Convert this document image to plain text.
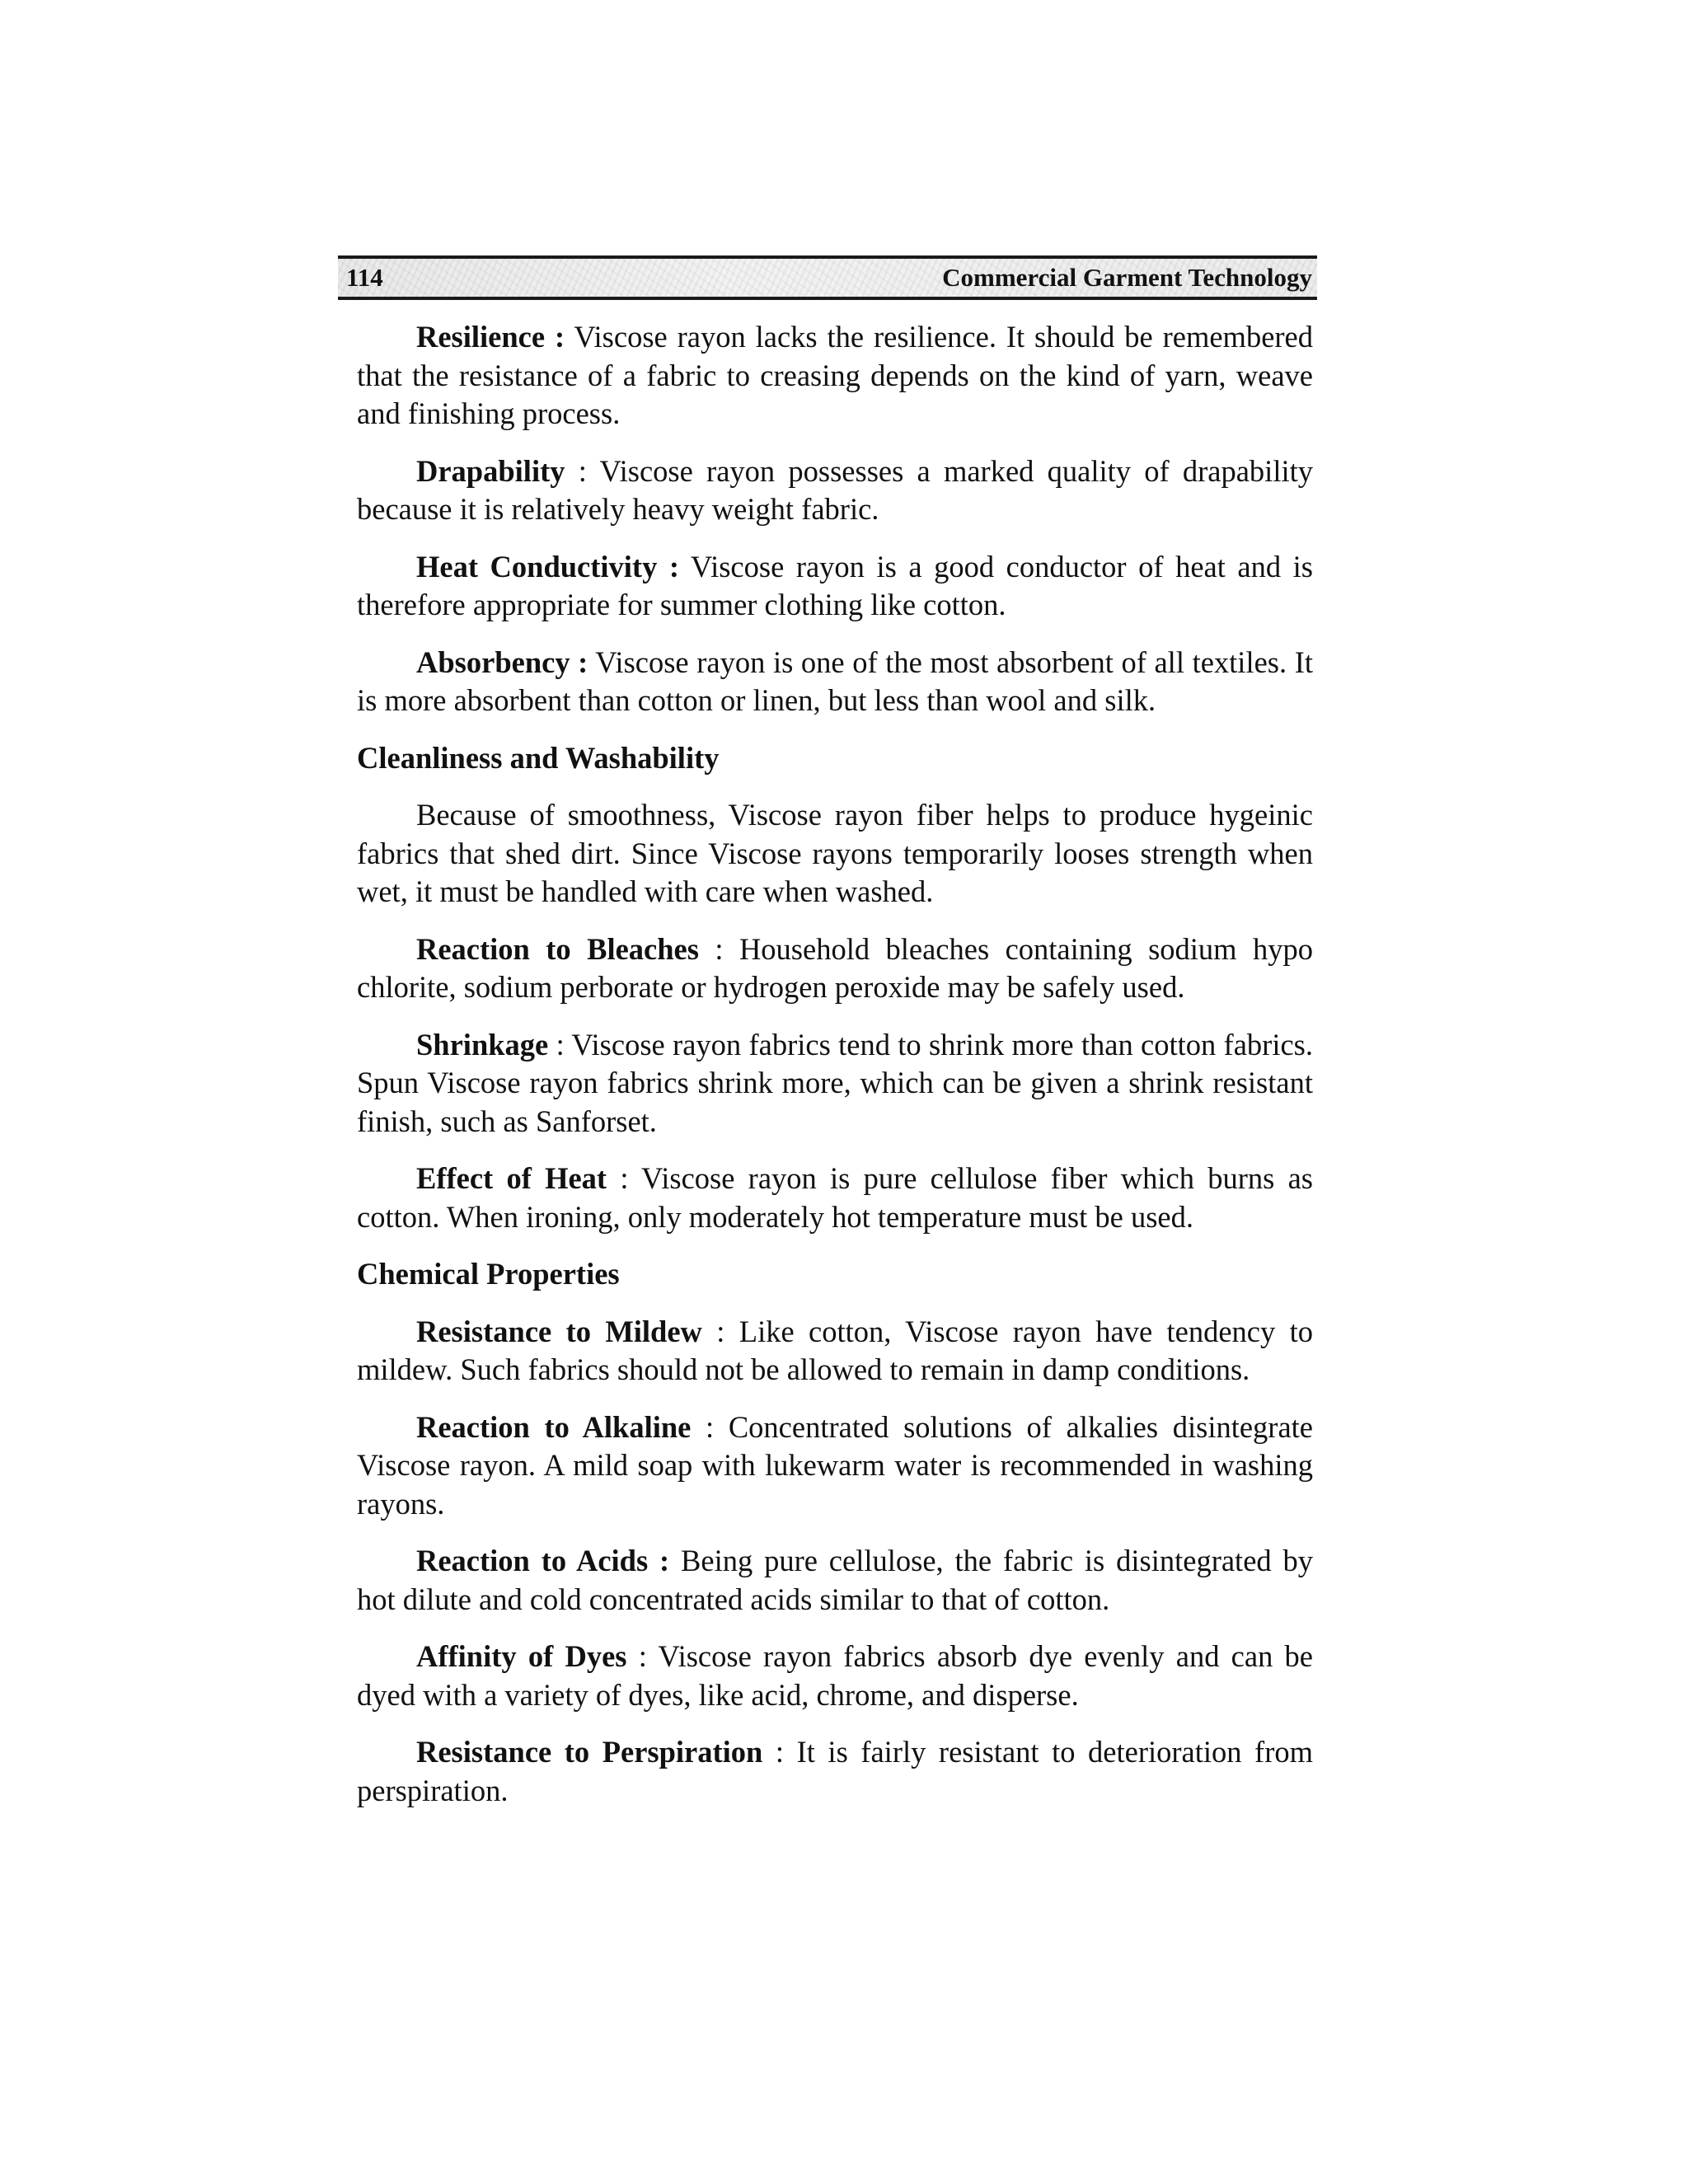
114	Commercial Garment Technology

Resilience : Viscose rayon lacks the resilience. It should be remembered that the resistance of a fabric to creasing depends on the kind of yarn, weave and finishing process.

Drapability : Viscose rayon possesses a marked quality of drapability because it is relatively heavy weight fabric.

Heat Conductivity : Viscose rayon is a good conductor of heat and is therefore appropriate for summer clothing like cotton.

Absorbency : Viscose rayon is one of the most absorbent of all textiles. It is more absorbent than cotton or linen, but less than wool and silk.

Cleanliness and Washability

Because of smoothness, Viscose rayon fiber helps to produce hygeinic fabrics that shed dirt. Since Viscose rayons temporarily looses strength when wet, it must be handled with care when washed.

Reaction to Bleaches : Household bleaches containing sodium hypo chlorite, sodium perborate or hydrogen peroxide may be safely used.

Shrinkage : Viscose rayon fabrics tend to shrink more than cotton fabrics. Spun Viscose rayon fabrics shrink more, which can be given a shrink resistant finish, such as Sanforset.

Effect of Heat : Viscose rayon is pure cellulose fiber which burns as cotton. When ironing, only moderately hot temperature must be used.

Chemical Properties

Resistance to Mildew : Like cotton, Viscose rayon have tendency to mildew. Such fabrics should not be allowed to remain in damp conditions.

Reaction to Alkaline : Concentrated solutions of alkalies disintegrate Viscose rayon. A mild soap with lukewarm water is recommended in washing rayons.

Reaction to Acids : Being pure cellulose, the fabric is disintegrated by hot dilute and cold concentrated acids similar to that of cotton.

Affinity of Dyes : Viscose rayon fabrics absorb dye evenly and can be dyed with a variety of dyes, like acid, chrome, and disperse.

Resistance to Perspiration : It is fairly resistant to deterioration from perspiration.
